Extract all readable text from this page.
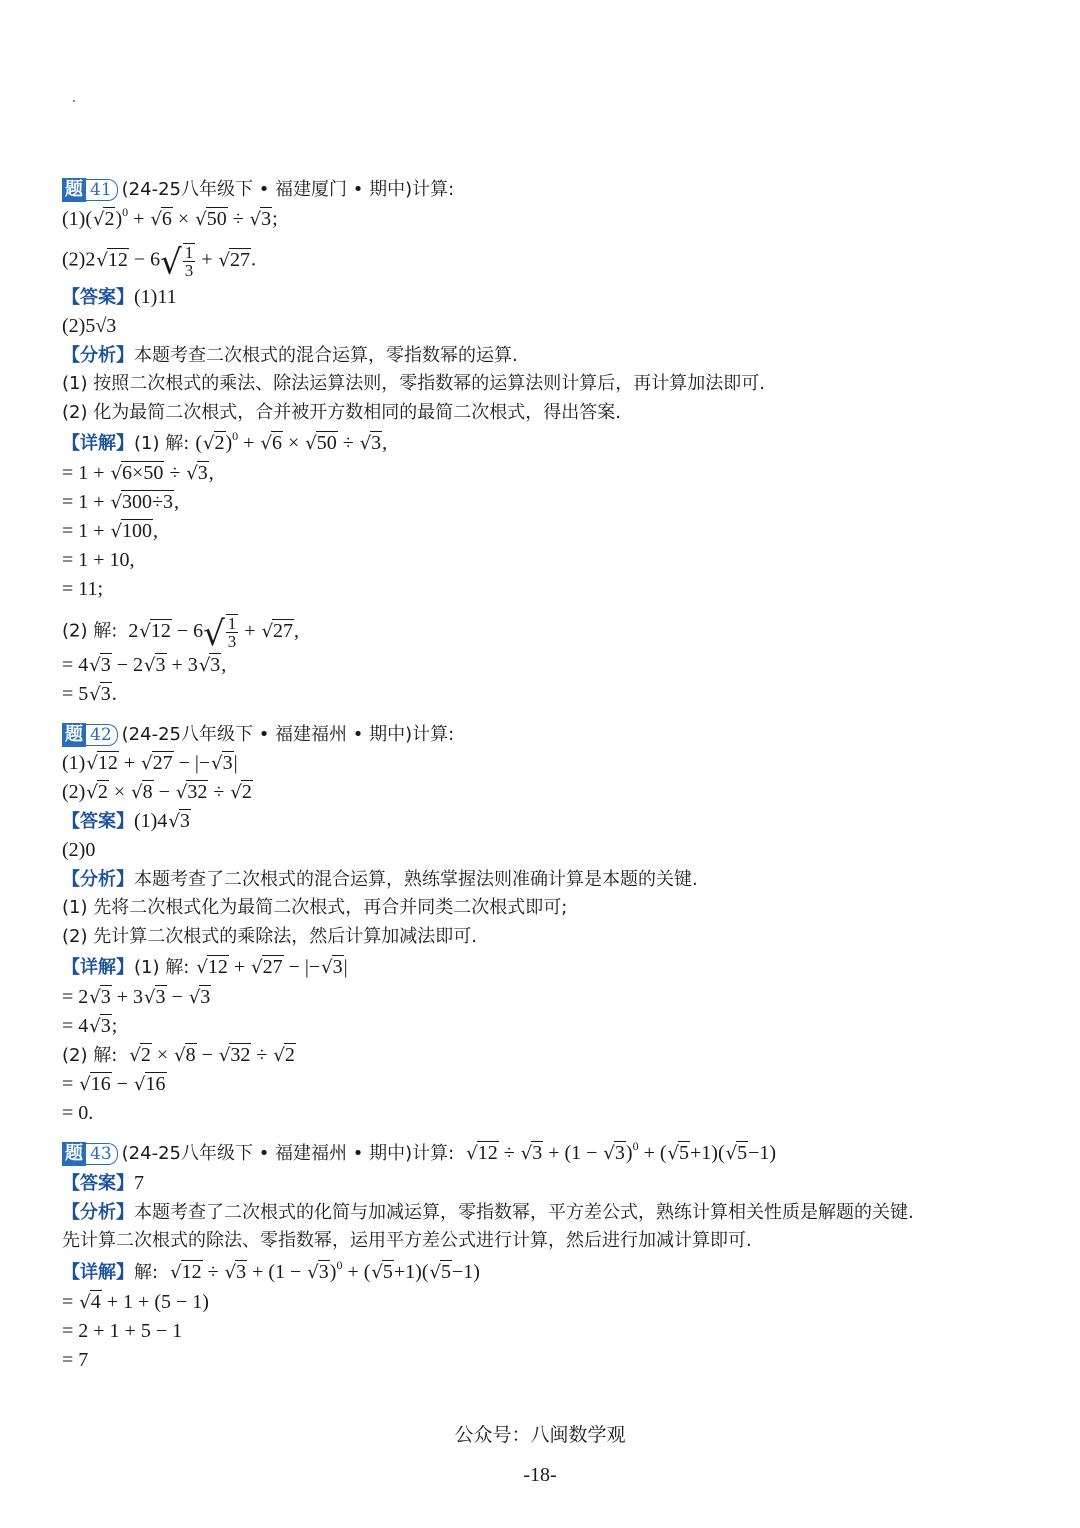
题 41 (24-25八年级下 • 福建厦门 • 期中)计算:
$(1)(√2)^0 + √6 \times √50 \div √3$;
$(2)2√12 - 6√ \frac{1}{3} + √27$.
【答案】(1)11
(2)5√3
【分析】本题考查二次根式的混合运算，零指数幂的运算.
(1) 按照二次根式的乘法、除法运算法则，零指数幂的运算法则计算后，再计算加法即可.
(2) 化为最简二次根式，合并被开方数相同的最简二次根式，得出答案.
【详解】(1) 解: $(√2)^0 + √6 \times √50 \div √3$,
= 1 + √6×50 ÷ √3,
= 1 + √300÷3,
= 1 + √100,
= 1 + 10,
= 11;
(2) 解:  $2√12 - 6√ \frac{1}{3} + √27$,
= 4√3 − 2√3 + 3√3,
= 5√3.
题 42 (24-25八年级下 • 福建福州 • 期中)计算:
(1)√12 + √27 − |−√3|
(2)√2 × √8 − √32 ÷ √2
【答案】(1)4√3
(2)0
【分析】本题考查了二次根式的混合运算，熟练掌握法则准确计算是本题的关键.
(1) 先将二次根式化为最简二次根式，再合并同类二次根式即可;
(2) 先计算二次根式的乘除法，然后计算加减法即可.
【详解】(1) 解: √12 + √27 − |−√3|
= 2√3 + 3√3 − √3
= 4√3;
(2) 解: √2 × √8 − √32 ÷ √2
= √16 − √16
= 0.
题 43 (24-25八年级下 • 福建福州 • 期中)计算: $√12 \div √3 + (1 - √3)^0 + (√5+1)(√5-1)$
【答案】7
【分析】本题考查了二次根式的化简与加减运算，零指数幂，平方差公式，熟练计算相关性质是解题的关键.
先计算二次根式的除法、零指数幂，运用平方差公式进行计算，然后进行加减计算即可.
【详解】解: $√12 \div √3 + (1 - √3)^0 + (√5+1)(√5-1)$
= √4 + 1 + (5 − 1)
= 2 + 1 + 5 − 1
= 7
公众号：八闽数学观
-18-
